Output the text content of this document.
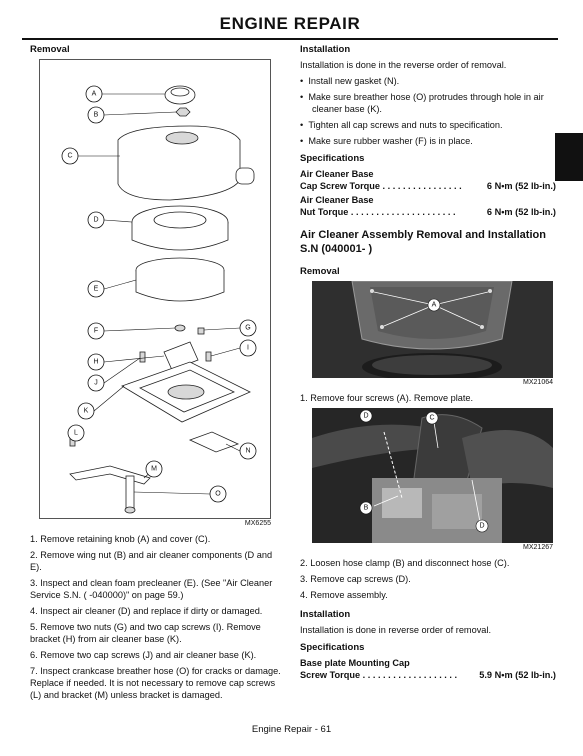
ENGINE REPAIR
Removal
A
B
C
D
E
F	G
H
I
J
K
L
M
N
O
MX6255
1. Remove retaining knob (A) and cover (C).
2. Remove wing nut (B) and air cleaner components (D and E).
3. Inspect and clean foam precleaner (E). (See "Air Cleaner Service S.N. ( -040000)" on page 59.)
4. Inspect air cleaner (D) and replace if dirty or damaged.
5. Remove two nuts (G) and two cap screws (I). Remove bracket (H) from air cleaner base (K).
6. Remove two cap screws (J) and air cleaner base (K).
7. Inspect crankcase breather hose (O) for cracks or damage. Replace if needed. It is not necessary to remove cap screws (L) and bracket (M) unless bracket is damaged.
Installation
Installation is done in the reverse order of removal.
•  Install new gasket (N).
•  Make sure breather hose (O) protrudes through hole in air cleaner base (K).
•  Tighten all cap screws and nuts to specification.
•  Make sure rubber washer (F) is in place.
Specifications
Air Cleaner Base
Cap Screw Torque . . . . . . . . . . . . . . . .	6 N•m (52 lb-in.)
Air Cleaner Base
Nut Torque . . . . . . . . . . . . . . . . . . . . .	6 N•m (52 lb-in.)
Air Cleaner Assembly Removal and Installation S.N (040001- )
Removal
A
MX21064
1. Remove four screws (A). Remove plate.
D	C
B
D
MX21267
2. Loosen hose clamp (B) and disconnect hose (C).
3. Remove cap screws (D).
4. Remove assembly.
Installation
Installation is done in reverse order of removal.
Specifications
Base plate Mounting Cap
Screw Torque . . . . . . . . . . . . . . . . . . . 5.9 N•m (52 lb-in.)
Engine Repair - 61
